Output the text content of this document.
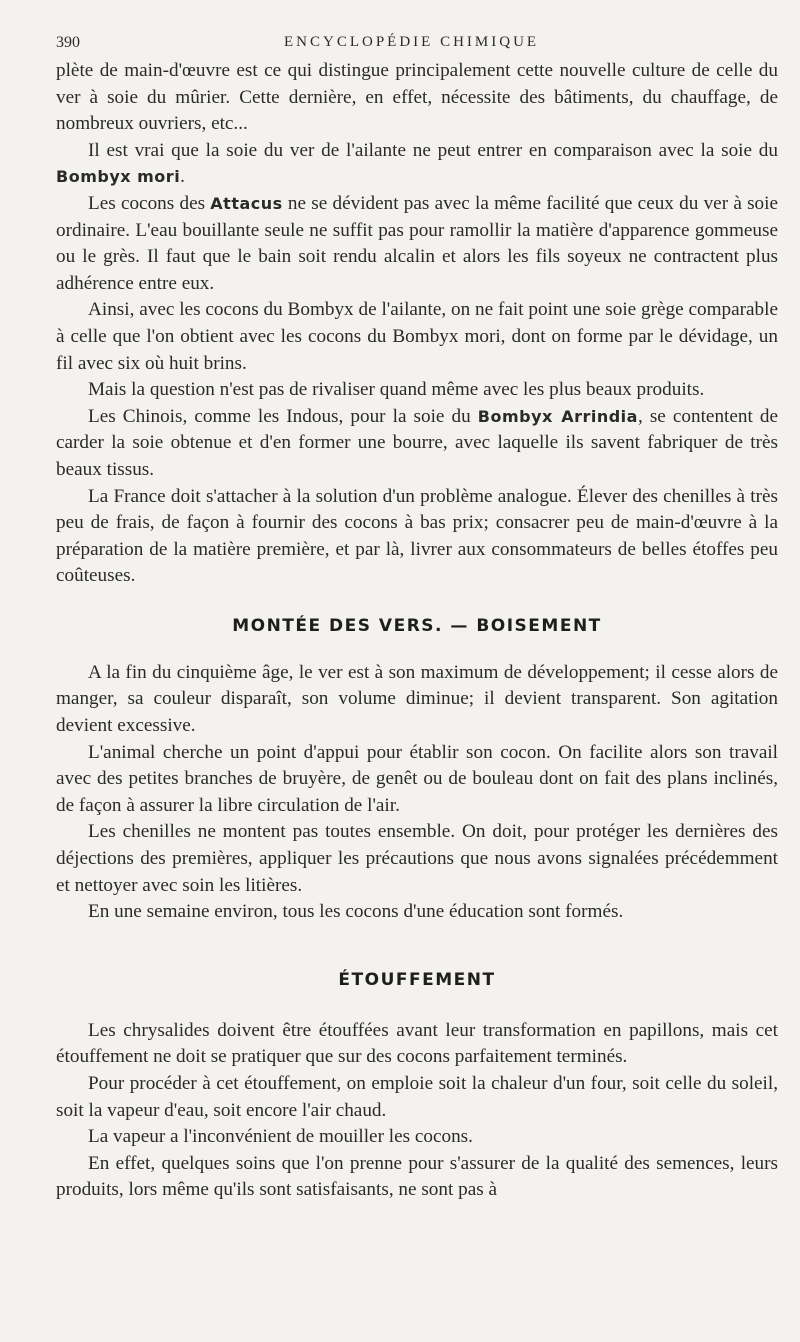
390	ENCYCLOPÉDIE CHIMIQUE

plète de main-d'œuvre est ce qui distingue principalement cette nouvelle culture de celle du ver à soie du mûrier. Cette dernière, en effet, nécessite des bâtiments, du chauffage, de nombreux ouvriers, etc...

Il est vrai que la soie du ver de l'ailante ne peut entrer en comparaison avec la soie du Bombyx mori.

Les cocons des Attacus ne se dévident pas avec la même facilité que ceux du ver à soie ordinaire. L'eau bouillante seule ne suffit pas pour ramollir la matière d'apparence gommeuse ou le grès. Il faut que le bain soit rendu alcalin et alors les fils soyeux ne contractent plus adhérence entre eux.

Ainsi, avec les cocons du Bombyx de l'ailante, on ne fait point une soie grège comparable à celle que l'on obtient avec les cocons du Bombyx mori, dont on forme par le dévidage, un fil avec six où huit brins.

Mais la question n'est pas de rivaliser quand même avec les plus beaux produits.

Les Chinois, comme les Indous, pour la soie du Bombyx Arrindia, se contentent de carder la soie obtenue et d'en former une bourre, avec laquelle ils savent fabriquer de très beaux tissus.

La France doit s'attacher à la solution d'un problème analogue. Élever des chenilles à très peu de frais, de façon à fournir des cocons à bas prix; consacrer peu de main-d'œuvre à la préparation de la matière première, et par là, livrer aux consommateurs de belles étoffes peu coûteuses.

MONTÉE DES VERS. — BOISEMENT

A la fin du cinquième âge, le ver est à son maximum de développement; il cesse alors de manger, sa couleur disparaît, son volume diminue; il devient transparent. Son agitation devient excessive.

L'animal cherche un point d'appui pour établir son cocon. On facilite alors son travail avec des petites branches de bruyère, de genêt ou de bouleau dont on fait des plans inclinés, de façon à assurer la libre circulation de l'air.

Les chenilles ne montent pas toutes ensemble. On doit, pour protéger les dernières des déjections des premières, appliquer les précautions que nous avons signalées précédemment et nettoyer avec soin les litières.

En une semaine environ, tous les cocons d'une éducation sont formés.

ÉTOUFFEMENT

Les chrysalides doivent être étouffées avant leur transformation en papillons, mais cet étouffement ne doit se pratiquer que sur des cocons parfaitement terminés.

Pour procéder à cet étouffement, on emploie soit la chaleur d'un four, soit celle du soleil, soit la vapeur d'eau, soit encore l'air chaud.

La vapeur a l'inconvénient de mouiller les cocons.

En effet, quelques soins que l'on prenne pour s'assurer de la qualité des semences, leurs produits, lors même qu'ils sont satisfaisants, ne sont pas à
